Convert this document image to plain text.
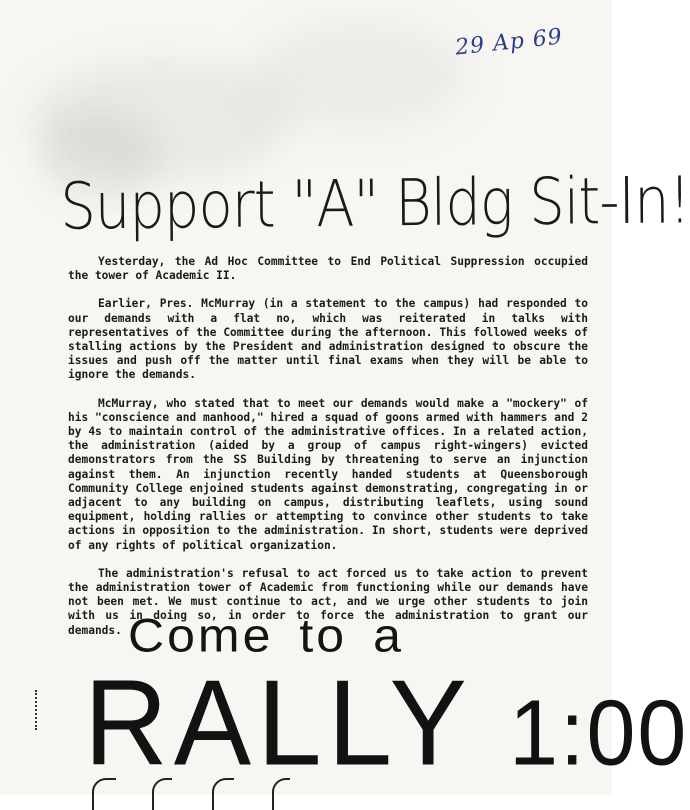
29 Ap 69
Support "A" Bldg Sit-In!

Yesterday, the Ad Hoc Committee to End Political Suppression occupied the tower of Academic II.

Earlier, Pres. McMurray (in a statement to the campus) had responded to our demands with a flat no, which was reiterated in talks with representatives of the Committee during the afternoon. This followed weeks of stalling actions by the President and administration designed to obscure the issues and push off the matter until final exams when they will be able to ignore the demands.

McMurray, who stated that to meet our demands would make a "mockery" of his "conscience and manhood," hired a squad of goons armed with hammers and 2 by 4s to maintain control of the administrative offices. In a related action, the administration (aided by a group of campus right-wingers) evicted demonstrators from the SS Building by threatening to serve an injunction against them. An injunction recently handed students at Queensborough Community College enjoined students against demonstrating, congregating in or adjacent to any building on campus, distributing leaflets, using sound equipment, holding rallies or attempting to convince other students to take actions in opposition to the administration. In short, students were deprived of any rights of political organization.

The administration's refusal to act forced us to take action to prevent the administration tower of Academic from functioning while our demands have not been met. We must continue to act, and we urge other students to join with us in doing so, in order to force the administration to grant our demands. Come to a
RALLY 1:00
